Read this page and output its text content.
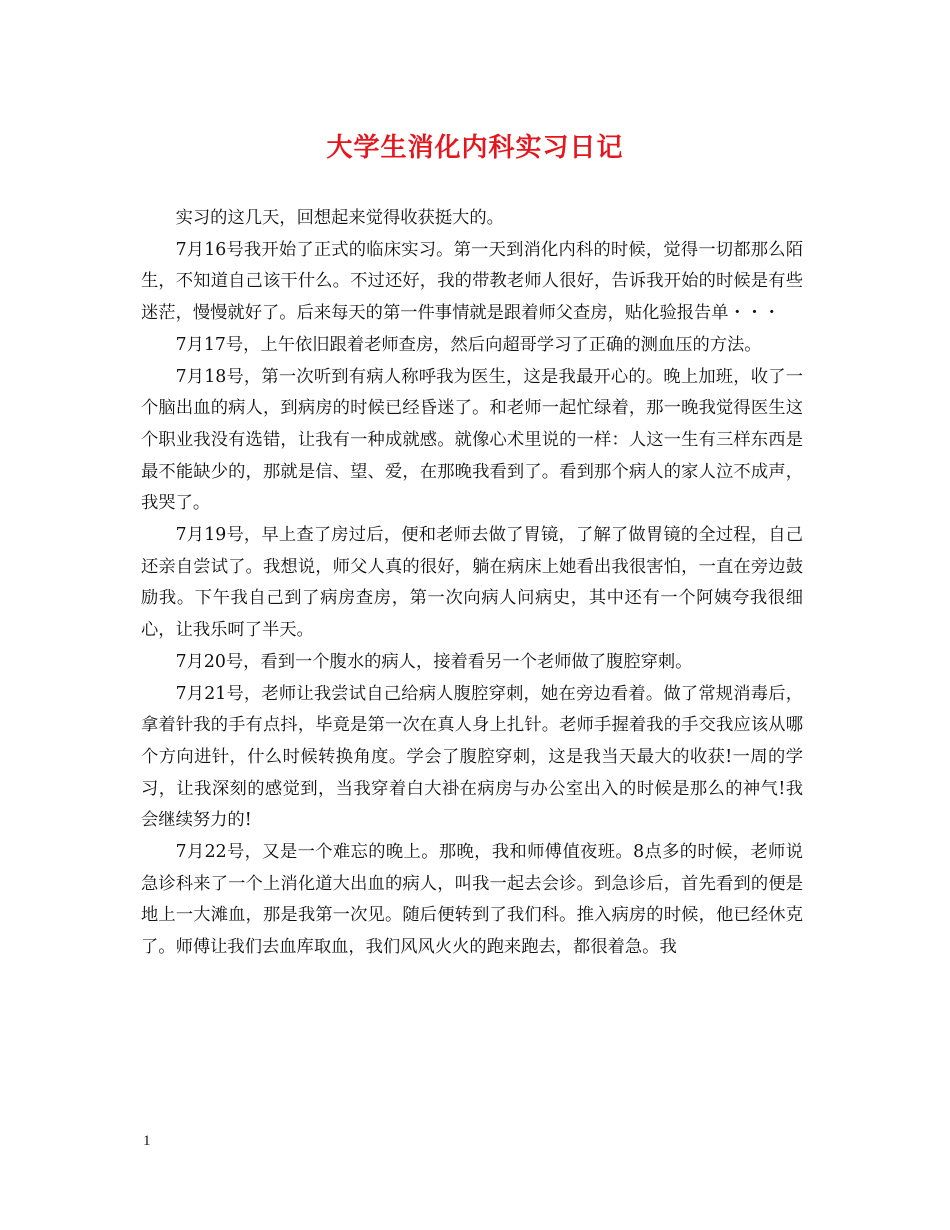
大学生消化内科实习日记

实习的这几天，回想起来觉得收获挺大的。

7月16号我开始了正式的临床实习。第一天到消化内科的时候，觉得一切都那么陌生，不知道自己该干什么。不过还好，我的带教老师人很好，告诉我开始的时候是有些迷茫，慢慢就好了。后来每天的第一件事情就是跟着师父查房，贴化验报告单・・・

7月17号，上午依旧跟着老师查房，然后向超哥学习了正确的测血压的方法。

7月18号，第一次听到有病人称呼我为医生，这是我最开心的。晚上加班，收了一个脑出血的病人，到病房的时候已经昏迷了。和老师一起忙绿着，那一晚我觉得医生这个职业我没有选错，让我有一种成就感。就像心术里说的一样：人这一生有三样东西是最不能缺少的，那就是信、望、爱，在那晚我看到了。看到那个病人的家人泣不成声，我哭了。

7月19号，早上查了房过后，便和老师去做了胃镜，了解了做胃镜的全过程，自己还亲自尝试了。我想说，师父人真的很好，躺在病床上她看出我很害怕，一直在旁边鼓励我。下午我自己到了病房查房，第一次向病人问病史，其中还有一个阿姨夸我很细心，让我乐呵了半天。

7月20号，看到一个腹水的病人，接着看另一个老师做了腹腔穿刺。

7月21号，老师让我尝试自己给病人腹腔穿刺，她在旁边看着。做了常规消毒后，拿着针我的手有点抖，毕竟是第一次在真人身上扎针。老师手握着我的手交我应该从哪个方向进针，什么时候转换角度。学会了腹腔穿刺，这是我当天最大的收获!一周的学习，让我深刻的感觉到，当我穿着白大褂在病房与办公室出入的时候是那么的神气!我会继续努力的!

7月22号，又是一个难忘的晚上。那晚，我和师傅值夜班。8点多的时候，老师说急诊科来了一个上消化道大出血的病人，叫我一起去会诊。到急诊后，首先看到的便是地上一大滩血，那是我第一次见。随后便转到了我们科。推入病房的时候，他已经休克了。师傅让我们去血库取血，我们风风火火的跑来跑去，都很着急。我

1
